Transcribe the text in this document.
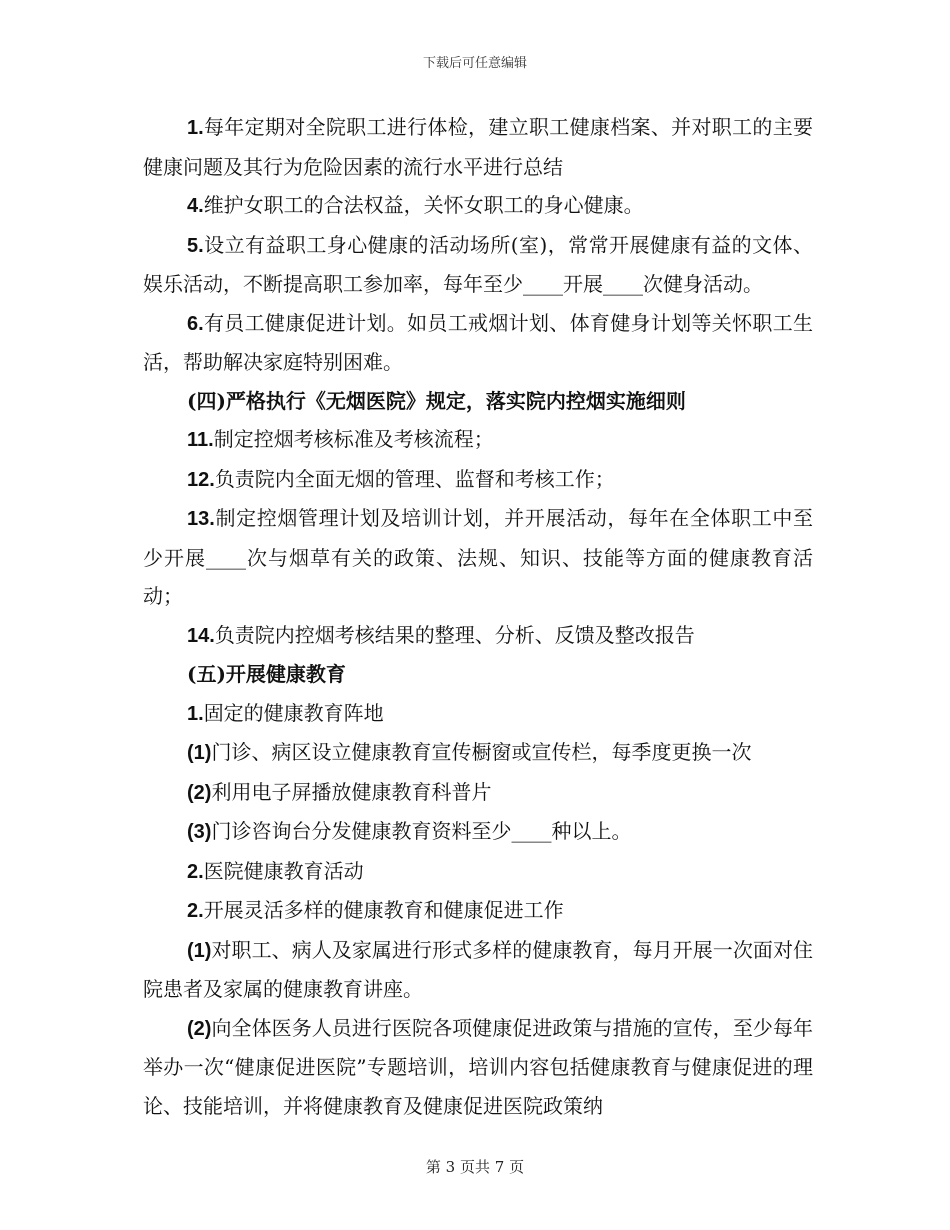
下载后可任意编辑

1.每年定期对全院职工进行体检，建立职工健康档案、并对职工的主要健康问题及其行为危险因素的流行水平进行总结

4.维护女职工的合法权益，关怀女职工的身心健康。

5.设立有益职工身心健康的活动场所(室)，常常开展健康有益的文体、娱乐活动，不断提高职工参加率，每年至少____开展____次健身活动。

6.有员工健康促进计划。如员工戒烟计划、体育健身计划等关怀职工生活，帮助解决家庭特别困难。

(四)严格执行《无烟医院》规定，落实院内控烟实施细则

11.制定控烟考核标准及考核流程；

12.负责院内全面无烟的管理、监督和考核工作；

13.制定控烟管理计划及培训计划，并开展活动，每年在全体职工中至少开展____次与烟草有关的政策、法规、知识、技能等方面的健康教育活动；

14.负责院内控烟考核结果的整理、分析、反馈及整改报告

(五)开展健康教育

1.固定的健康教育阵地

(1)门诊、病区设立健康教育宣传橱窗或宣传栏，每季度更换一次

(2)利用电子屏播放健康教育科普片

(3)门诊咨询台分发健康教育资料至少____种以上。

2.医院健康教育活动

2.开展灵活多样的健康教育和健康促进工作

(1)对职工、病人及家属进行形式多样的健康教育，每月开展一次面对住院患者及家属的健康教育讲座。

(2)向全体医务人员进行医院各项健康促进政策与措施的宣传，至少每年举办一次“健康促进医院”专题培训，培训内容包括健康教育与健康促进的理论、技能培训，并将健康教育及健康促进医院政策纳

第 3 页共 7 页
